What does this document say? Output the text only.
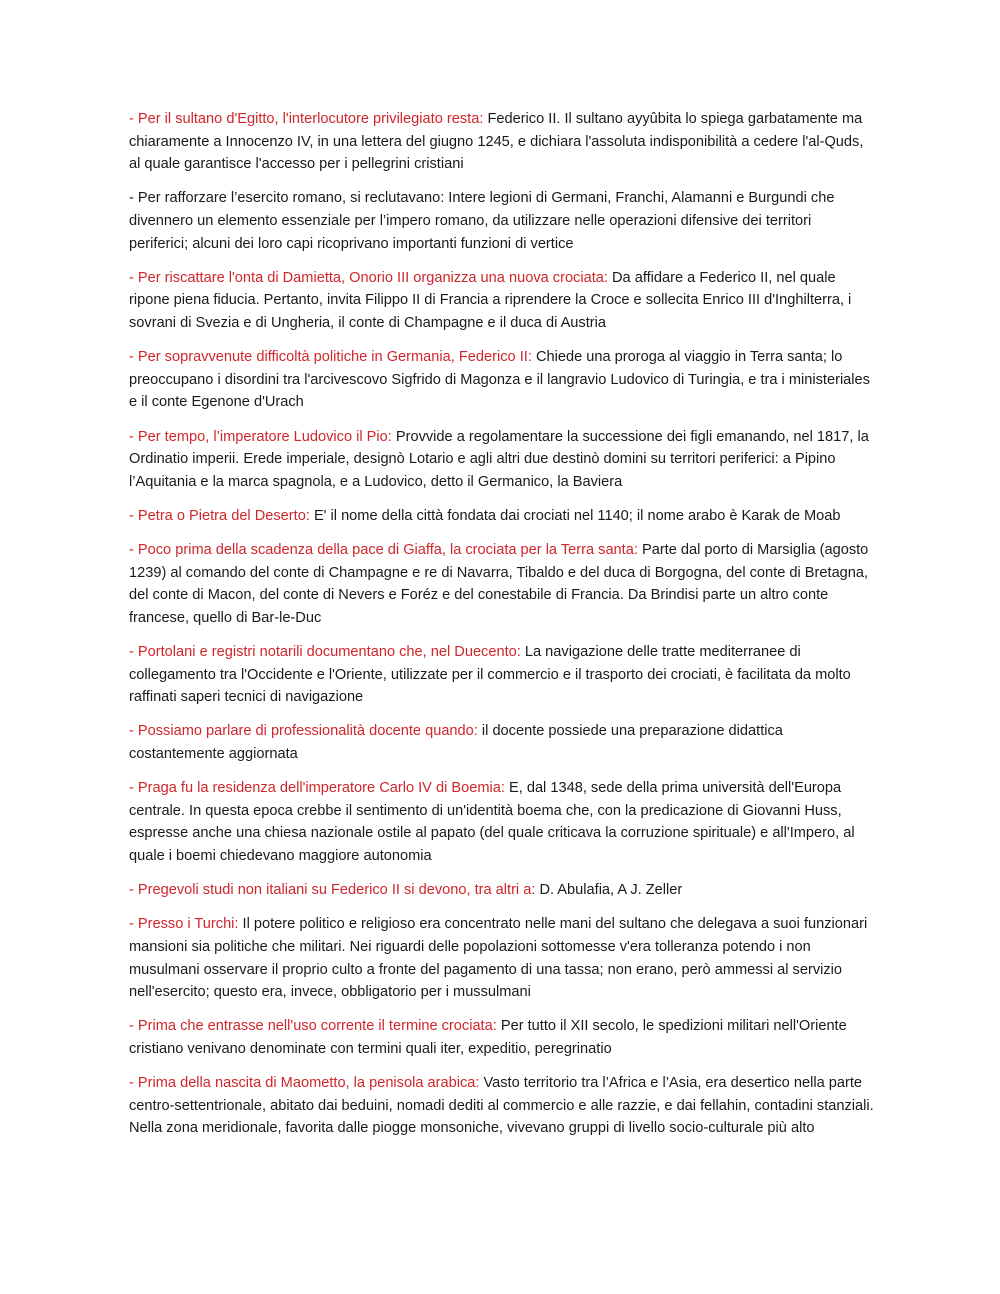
- Per il sultano d'Egitto, l'interlocutore privilegiato resta: Federico II. Il sultano ayyûbita lo spiega garbatamente ma chiaramente a Innocenzo IV, in una lettera del giugno 1245, e dichiara l'assoluta indisponibilità a cedere l'al-Quds, al quale garantisce l'accesso per i pellegrini cristiani

- Per rafforzare l’esercito romano, si reclutavano: Intere legioni di Germani, Franchi, Alamanni e Burgundi che divennero un elemento essenziale per l’impero romano, da utilizzare nelle operazioni difensive dei territori periferici; alcuni dei loro capi ricoprivano importanti funzioni di vertice

- Per riscattare l'onta di Damietta, Onorio III organizza una nuova crociata: Da affidare a Federico II, nel quale ripone piena fiducia. Pertanto, invita Filippo II di Francia a riprendere la Croce e sollecita Enrico III d'Inghilterra, i sovrani di Svezia e di Ungheria, il conte di Champagne e il duca di Austria

- Per sopravvenute difficoltà politiche in Germania, Federico II: Chiede una proroga al viaggio in Terra santa; lo preoccupano i disordini tra l'arcivescovo Sigfrido di Magonza e il langravio Ludovico di Turingia, e tra i ministeriales e il conte Egenone d'Urach

- Per tempo, l’imperatore Ludovico il Pio: Provvide a regolamentare la successione dei figli emanando, nel 1817, la Ordinatio imperii. Erede imperiale, designò Lotario e agli altri due destinò domini su territori periferici: a Pipino l’Aquitania e la marca spagnola, e a Ludovico, detto il Germanico, la Baviera

- Petra o Pietra del Deserto: E' il nome della città fondata dai crociati nel 1140; il nome arabo è Karak de Moab

- Poco prima della scadenza della pace di Giaffa, la crociata per la Terra santa: Parte dal porto di Marsiglia (agosto 1239) al comando del conte di Champagne e re di Navarra, Tibaldo e del duca di Borgogna, del conte di Bretagna, del conte di Macon, del conte di Nevers e Foréz e del conestabile di Francia. Da Brindisi parte un altro conte francese, quello di Bar-le-Duc

- Portolani e registri notarili documentano che, nel Duecento: La navigazione delle tratte mediterranee di collegamento tra l'Occidente e l'Oriente, utilizzate per il commercio e il trasporto dei crociati, è facilitata da molto raffinati saperi tecnici di navigazione

- Possiamo parlare di professionalità docente quando: il docente possiede una preparazione didattica costantemente aggiornata

- Praga fu la residenza dell'imperatore Carlo IV di Boemia: E, dal 1348, sede della prima università dell'Europa centrale. In questa epoca crebbe il sentimento di un'identità boema che, con la predicazione di Giovanni Huss, espresse anche una chiesa nazionale ostile al papato (del quale criticava la corruzione spirituale) e all'Impero, al quale i boemi chiedevano maggiore autonomia

- Pregevoli studi non italiani su Federico II si devono, tra altri a: D. Abulafia, A J. Zeller

- Presso i Turchi: Il potere politico e religioso era concentrato nelle mani del sultano che delegava a suoi funzionari mansioni sia politiche che militari. Nei riguardi delle popolazioni sottomesse v'era tolleranza potendo i non musulmani osservare il proprio culto a fronte del pagamento di una tassa; non erano, però ammessi al servizio nell'esercito; questo era, invece, obbligatorio per i mussulmani

- Prima che entrasse nell'uso corrente il termine crociata: Per tutto il XII secolo, le spedizioni militari nell'Oriente cristiano venivano denominate con termini quali iter, expeditio, peregrinatio

- Prima della nascita di Maometto, la penisola arabica: Vasto territorio tra l’Africa e l’Asia, era desertico nella parte centro-settentrionale, abitato dai beduini, nomadi dediti al commercio e alle razzie, e dai fellahin, contadini stanziali. Nella zona meridionale, favorita dalle piogge monsoniche, vivevano gruppi di livello socio-culturale più alto
